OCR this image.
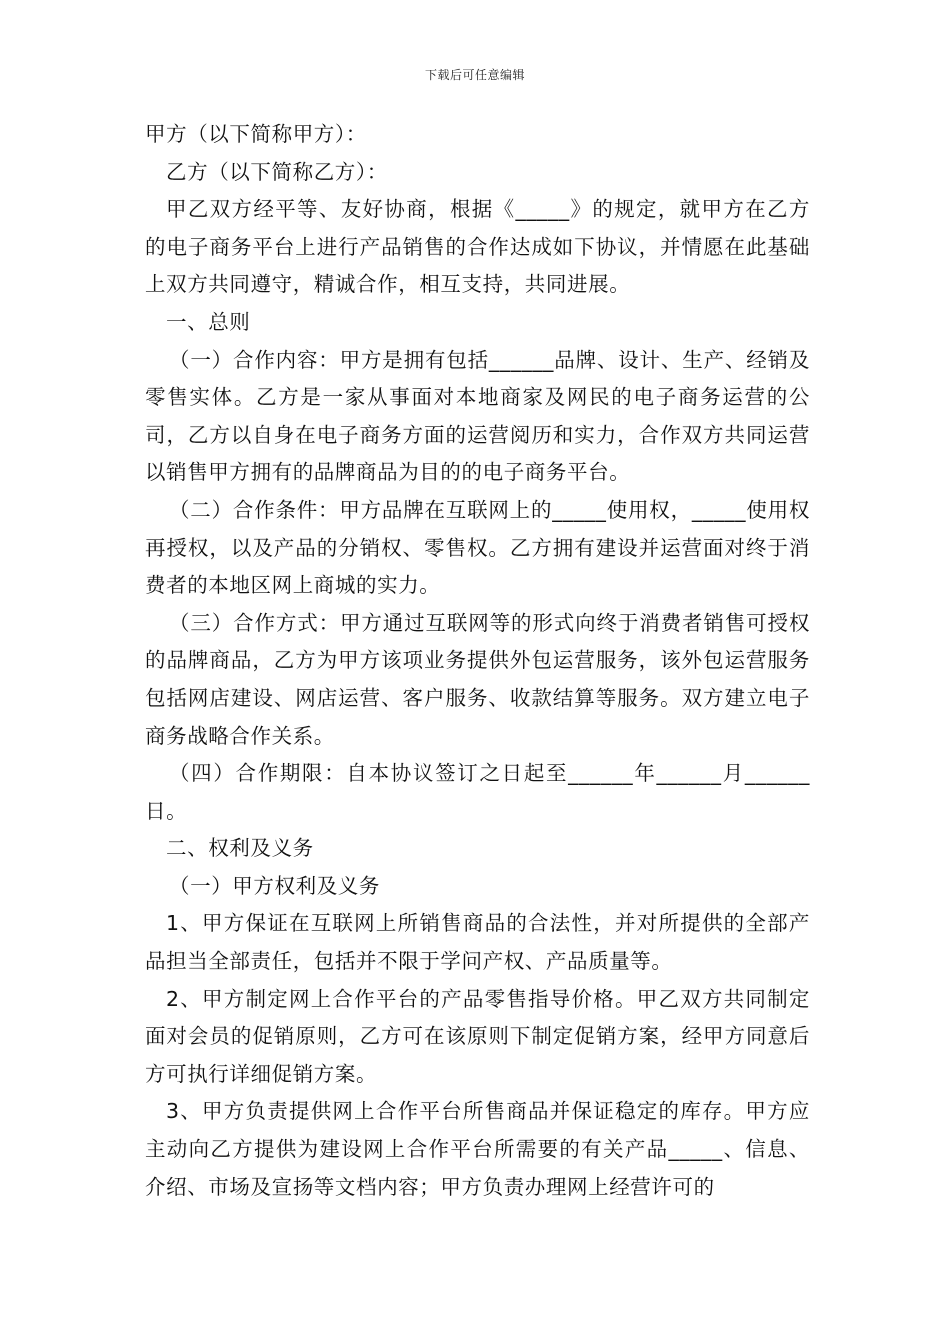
下载后可任意编辑

甲方（以下简称甲方）：

乙方（以下简称乙方）：

甲乙双方经平等、友好协商，根据《_____》的规定，就甲方在乙方的电子商务平台上进行产品销售的合作达成如下协议，并情愿在此基础上双方共同遵守，精诚合作，相互支持，共同进展。

一、总则

（一）合作内容：甲方是拥有包括______品牌、设计、生产、经销及零售实体。乙方是一家从事面对本地商家及网民的电子商务运营的公司，乙方以自身在电子商务方面的运营阅历和实力，合作双方共同运营以销售甲方拥有的品牌商品为目的的电子商务平台。

（二）合作条件：甲方品牌在互联网上的_____使用权，_____使用权再授权，以及产品的分销权、零售权。乙方拥有建设并运营面对终于消费者的本地区网上商城的实力。

（三）合作方式：甲方通过互联网等的形式向终于消费者销售可授权的品牌商品，乙方为甲方该项业务提供外包运营服务，该外包运营服务包括网店建设、网店运营、客户服务、收款结算等服务。双方建立电子商务战略合作关系。

（四）合作期限：自本协议签订之日起至______年______月______日。

二、权利及义务

（一）甲方权利及义务

1、甲方保证在互联网上所销售商品的合法性，并对所提供的全部产品担当全部责任，包括并不限于学问产权、产品质量等。

2、甲方制定网上合作平台的产品零售指导价格。甲乙双方共同制定面对会员的促销原则，乙方可在该原则下制定促销方案，经甲方同意后方可执行详细促销方案。

3、甲方负责提供网上合作平台所售商品并保证稳定的库存。甲方应主动向乙方提供为建设网上合作平台所需要的有关产品_____、信息、介绍、市场及宣扬等文档内容；甲方负责办理网上经营许可的
